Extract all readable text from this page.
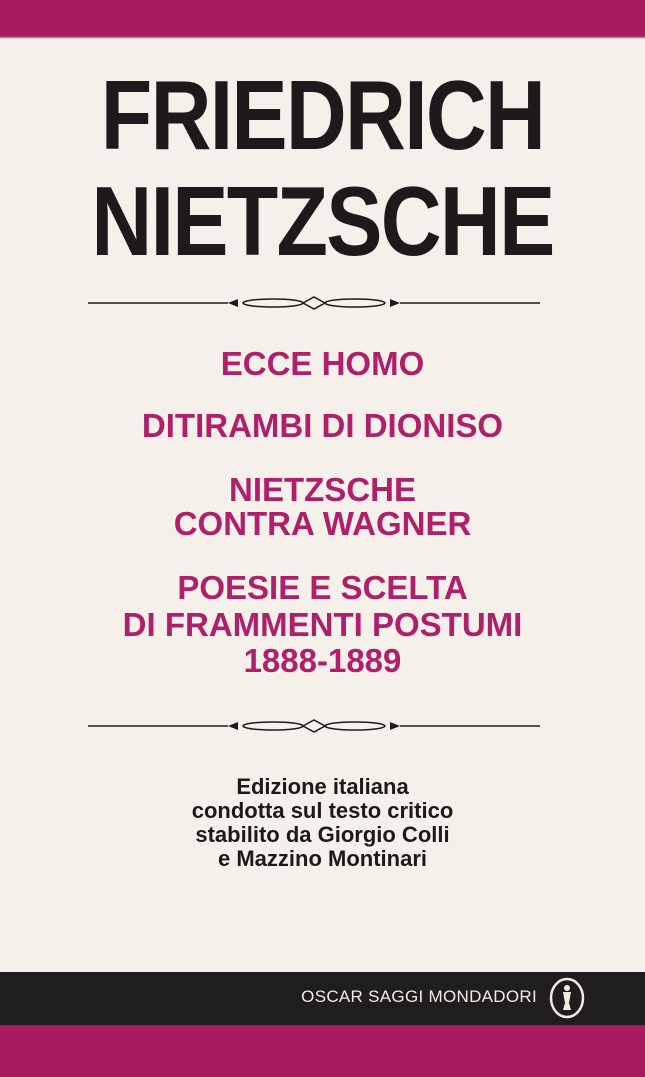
FRIEDRICH
NIETZSCHE
ECCE HOMO
DITIRAMBI DI DIONISO
NIETZSCHE
CONTRA WAGNER
POESIE E SCELTA
DI FRAMMENTI POSTUMI
1888-1889
Edizione italiana
condotta sul testo critico
stabilito da Giorgio Colli
e Mazzino Montinari
OSCAR SAGGI MONDADORI
